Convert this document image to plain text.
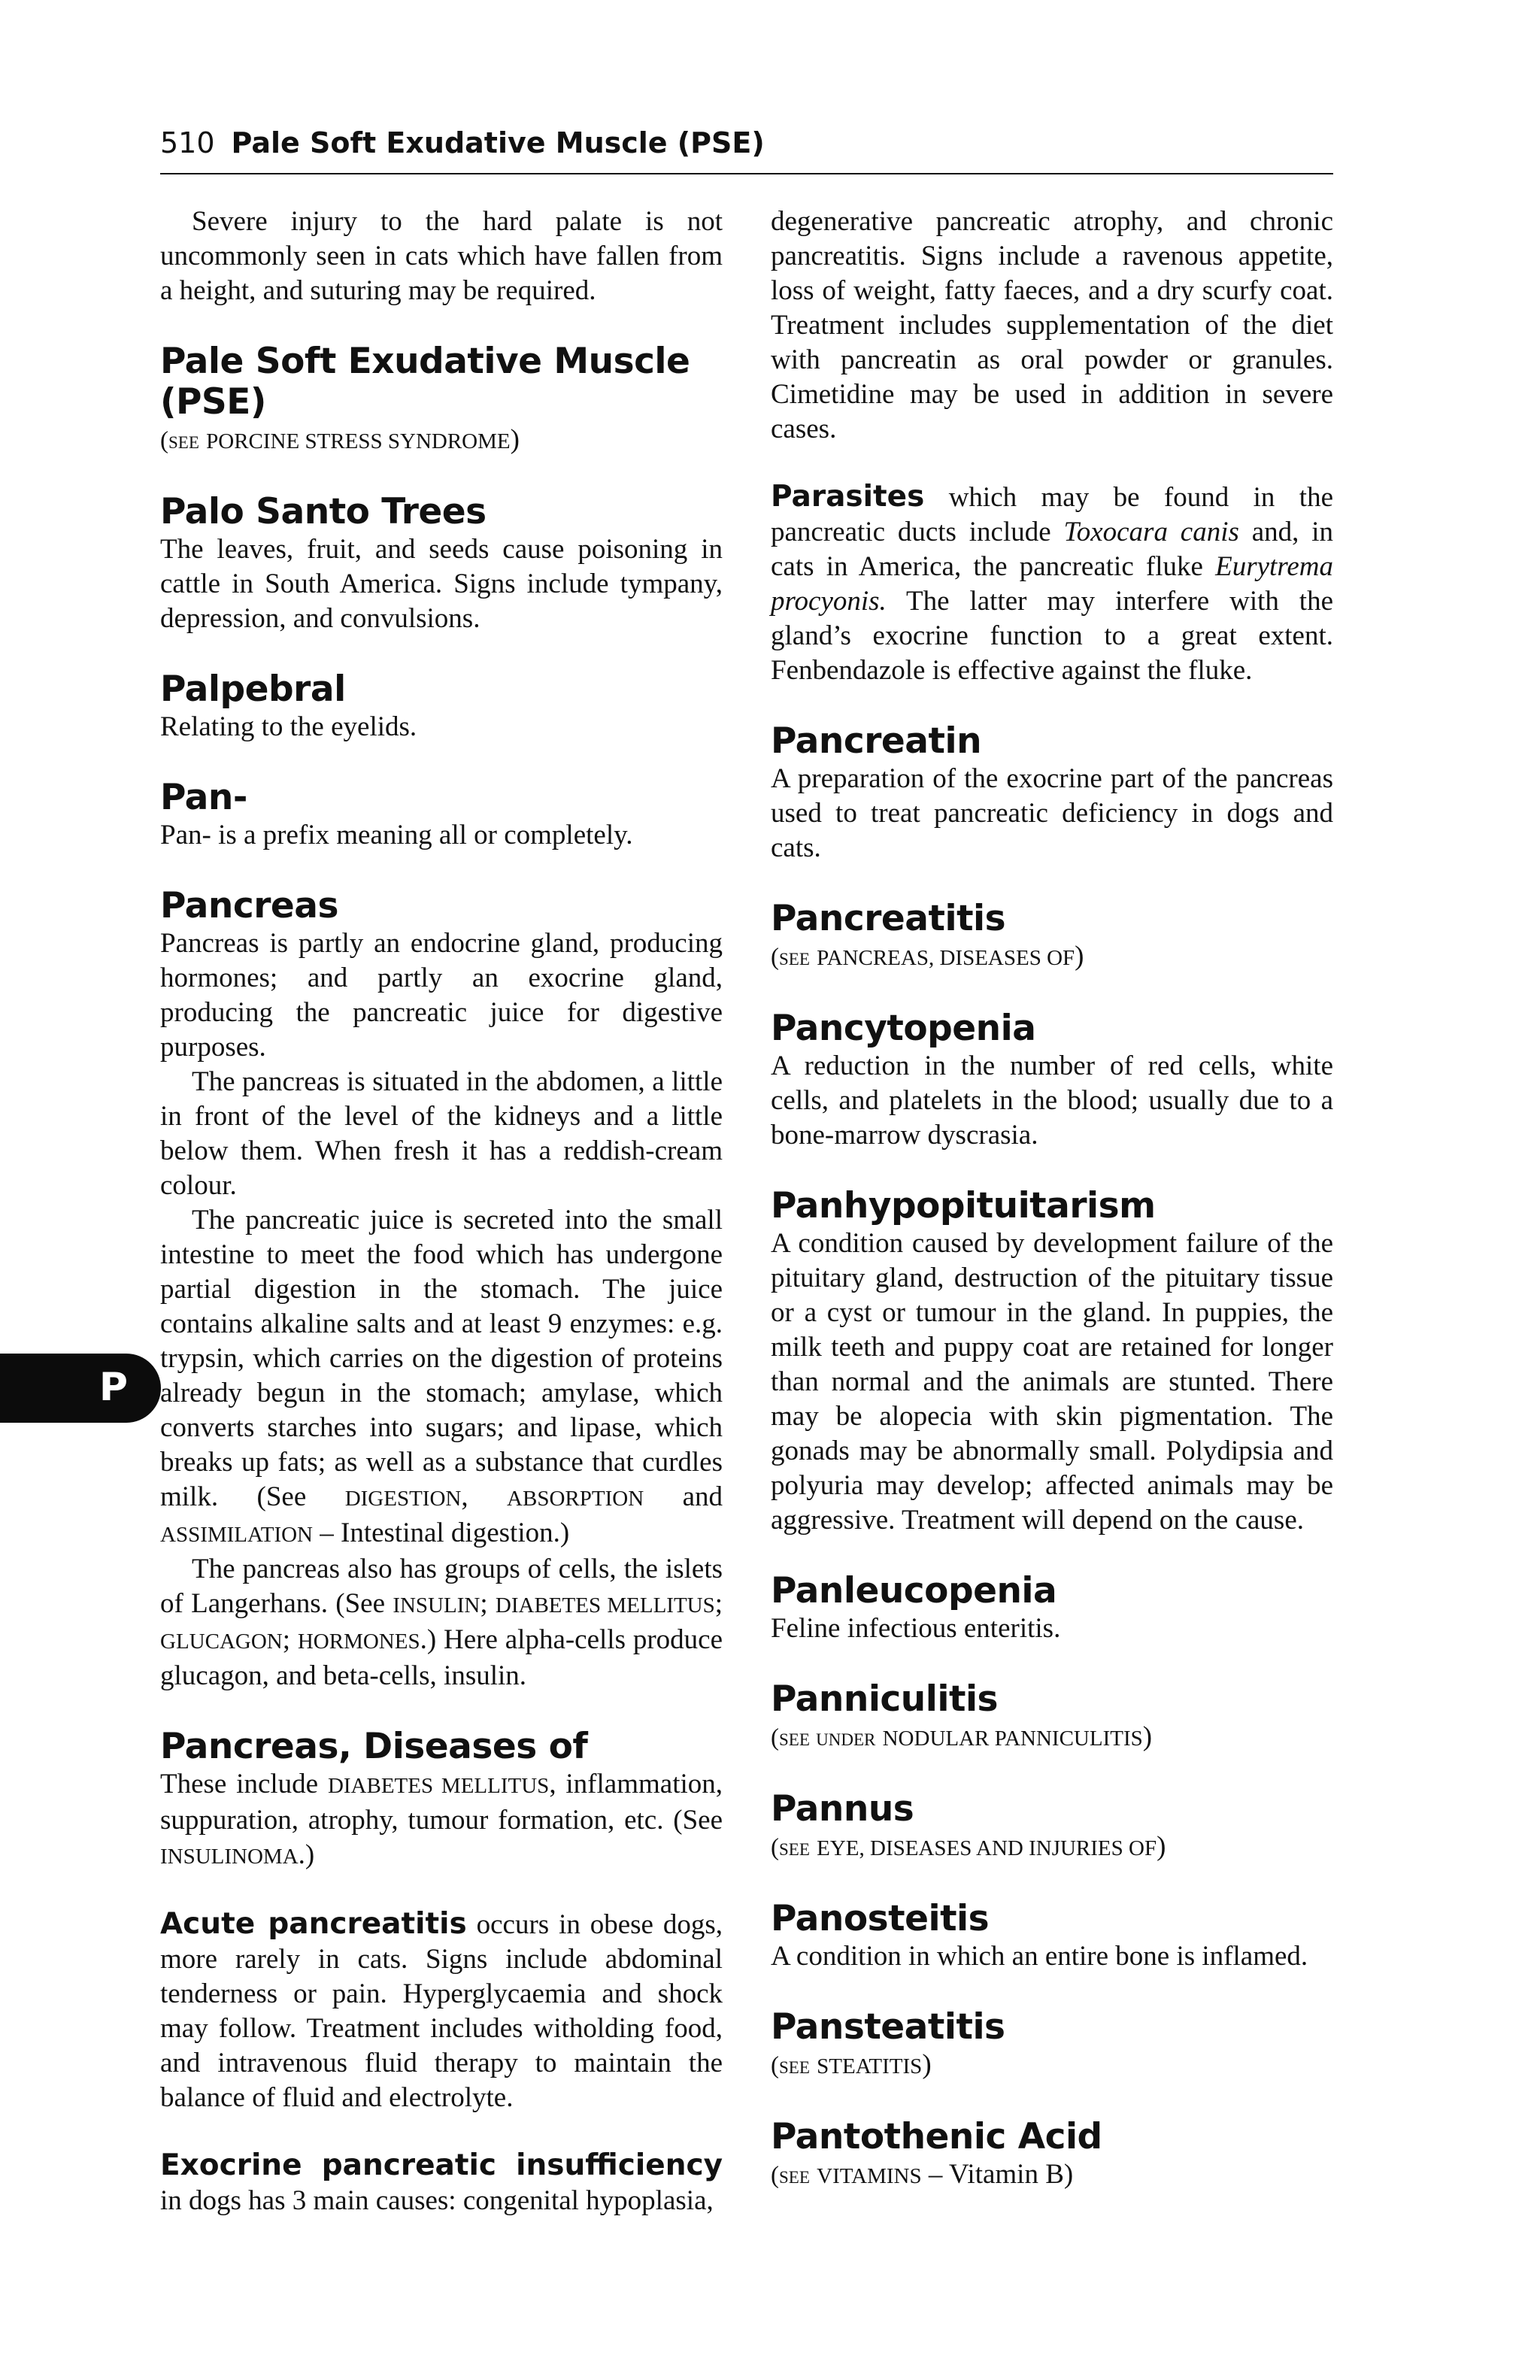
510 Pale Soft Exudative Muscle (PSE)
P

Severe injury to the hard palate is not uncommonly seen in cats which have fallen from a height, and suturing may be required.

Pale Soft Exudative Muscle (PSE)

(see PORCINE STRESS SYNDROME)

Palo Santo Trees

The leaves, fruit, and seeds cause poisoning in cattle in South America. Signs include tympany, depression, and convulsions.

Palpebral

Relating to the eyelids.

Pan-

Pan- is a prefix meaning all or completely.

Pancreas

Pancreas is partly an endocrine gland, producing hormones; and partly an exocrine gland, producing the pancreatic juice for digestive purposes.

The pancreas is situated in the abdomen, a little in front of the level of the kidneys and a little below them. When fresh it has a reddish-cream colour.

The pancreatic juice is secreted into the small intestine to meet the food which has undergone partial digestion in the stomach. The juice contains alkaline salts and at least 9 enzymes: e.g. trypsin, which carries on the digestion of proteins already begun in the stomach; amylase, which converts starches into sugars; and lipase, which breaks up fats; as well as a substance that curdles milk. (See DIGESTION, ABSORPTION and ASSIMILATION – Intestinal digestion.)

The pancreas also has groups of cells, the islets of Langerhans. (See INSULIN; DIABETES MELLITUS; GLUCAGON; HORMONES.) Here alpha-cells produce glucagon, and beta-cells, insulin.

Pancreas, Diseases of

These include DIABETES MELLITUS, inflammation, suppuration, atrophy, tumour formation, etc. (See INSULINOMA.)

Acute pancreatitis occurs in obese dogs, more rarely in cats. Signs include abdominal tenderness or pain. Hyperglycaemia and shock may follow. Treatment includes witholding food, and intravenous fluid therapy to maintain the balance of fluid and electrolyte.

Exocrine pancreatic insufficiency in dogs has 3 main causes: congenital hypoplasia,

degenerative pancreatic atrophy, and chronic pancreatitis. Signs include a ravenous appetite, loss of weight, fatty faeces, and a dry scurfy coat. Treatment includes supplementation of the diet with pancreatin as oral powder or granules. Cimetidine may be used in addition in severe cases.

Parasites which may be found in the pancreatic ducts include Toxocara canis and, in cats in America, the pancreatic fluke Eurytrema procyonis. The latter may interfere with the gland’s exocrine function to a great extent. Fenbendazole is effective against the fluke.

Pancreatin

A preparation of the exocrine part of the pancreas used to treat pancreatic deficiency in dogs and cats.

Pancreatitis

(see PANCREAS, DISEASES OF)

Pancytopenia

A reduction in the number of red cells, white cells, and platelets in the blood; usually due to a bone-marrow dyscrasia.

Panhypopituitarism

A condition caused by development failure of the pituitary gland, destruction of the pituitary tissue or a cyst or tumour in the gland. In puppies, the milk teeth and puppy coat are retained for longer than normal and the animals are stunted. There may be alopecia with skin pigmentation. The gonads may be abnormally small. Polydipsia and polyuria may develop; affected animals may be aggressive. Treatment will depend on the cause.

Panleucopenia

Feline infectious enteritis.

Panniculitis

(see under NODULAR PANNICULITIS)

Pannus

(see EYE, DISEASES AND INJURIES OF)

Panosteitis

A condition in which an entire bone is inflamed.

Pansteatitis

(see STEATITIS)

Pantothenic Acid

(see VITAMINS – Vitamin B)
